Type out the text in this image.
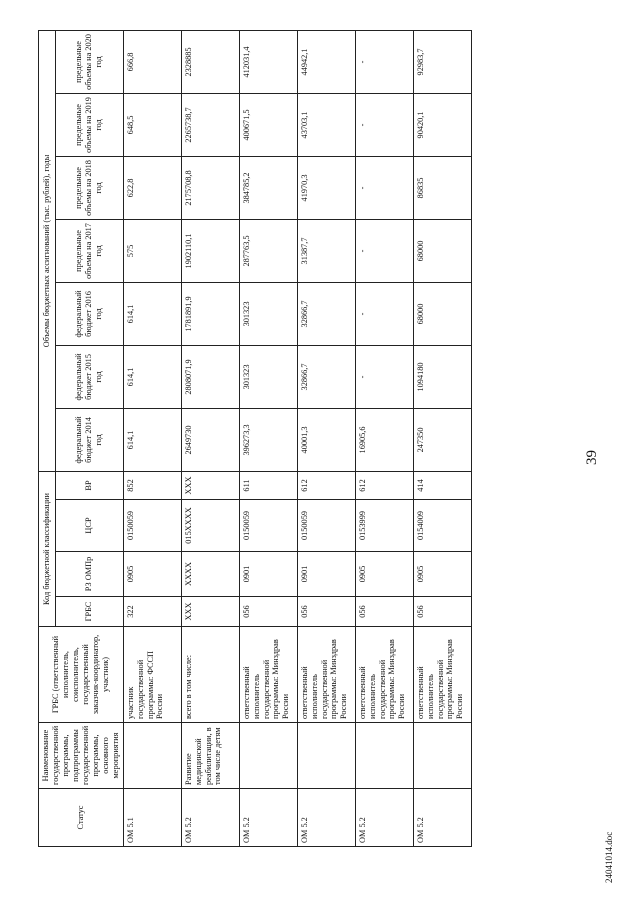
39
24041014.doc
Статус	Наименование государственной программы, подпрограммы государственной программы, основного мероприятия	ГРБС (ответственный исполнитель, соисполнитель, государственный заказчик-координатор, участник)	Код бюджетной классификации				Объемы бюджетных ассигнований (тыс. рублей), годы						
			ГРБС	РЗ ОМПр	ЦСР	ВР	федеральный бюджет 2014 год	федеральный бюджет 2015 год	федеральный бюджет 2016 год	предельные объемы на 2017 год	предельные объемы на 2018 год	предельные объемы на 2019 год	предельные объемы на 2020 год
ОМ 5.1		участник государственной программы: ФССП России	322	0905	0150059	852	614,1	614,1	614,1	575	622,8	648,5	666,8
ОМ 5.2	Развитие медицинской реабилитации, в том числе детям	всего в том числе:	XXX	XXXX	015XXXX	XXX	2649730	2808071,9	1781891,9	1902110,1	2175708,8	2265738,7	2328885
ОМ 5.2		ответственный исполнитель государственной программы: Минздрав России	056	0901	0150059	611	396273,3	301323	301323	287763,5	384785,2	400671,5	412031,4
ОМ 5.2		ответственный исполнитель государственной программы: Минздрав России	056	0901	0150059	612	40001,3	32866,7	32866,7	31387,7	41970,3	43703,1	44942,1
ОМ 5.2		ответственный исполнитель государственной программы: Минздрав России	056	0905	0153999	612	16905,6	-	-	-	-	-	-
ОМ 5.2		ответственный исполнитель государственной программы: Минздрав России	056	0905	0154009	414	247350	1094180	68000	68000	86835	90420,1	92983,7
